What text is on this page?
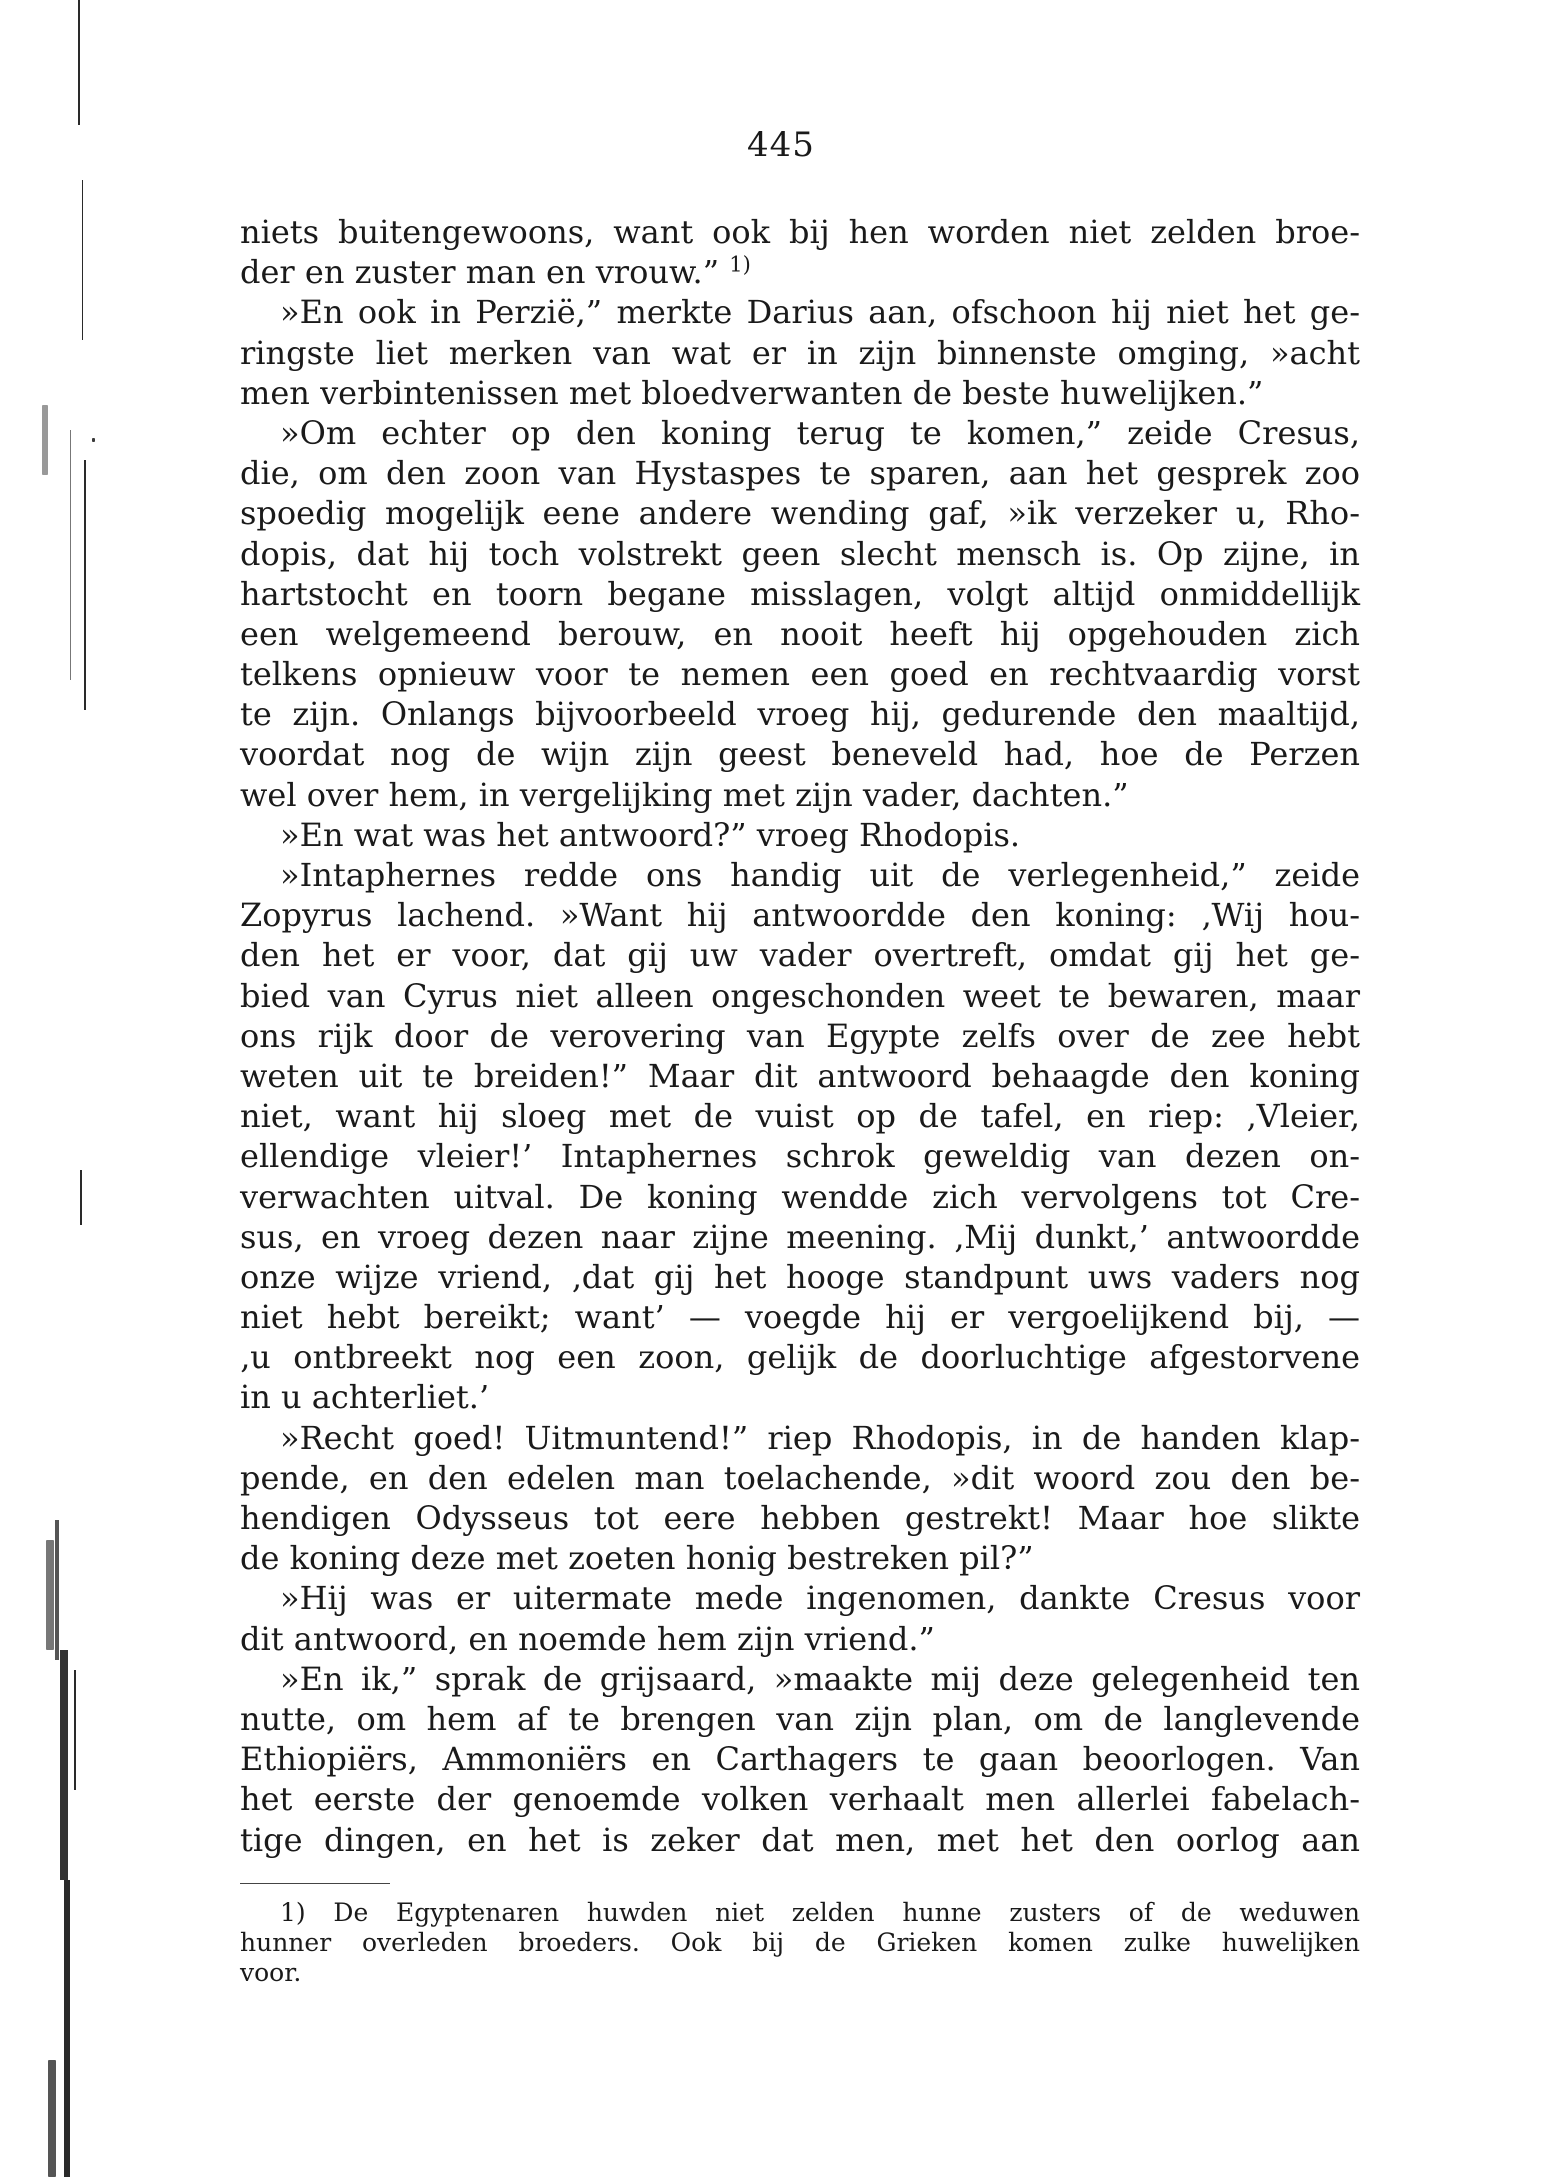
445
niets buitengewoons, want ook bij hen worden niet zelden broe-
der en zuster man en vrouw.” $^{1)}$
»En ook in Perzië,” merkte Darius aan, ofschoon hij niet het ge-
ringste liet merken van wat er in zijn binnenste omging, »acht
men verbintenissen met bloedverwanten de beste huwelijken.”
»Om echter op den koning terug te komen,” zeide Cresus,
die, om den zoon van Hystaspes te sparen, aan het gesprek zoo
spoedig mogelijk eene andere wending gaf, »ik verzeker u, Rho-
dopis, dat hij toch volstrekt geen slecht mensch is. Op zijne, in
hartstocht en toorn begane misslagen, volgt altijd onmiddellijk
een welgemeend berouw, en nooit heeft hij opgehouden zich
telkens opnieuw voor te nemen een goed en rechtvaardig vorst
te zijn. Onlangs bijvoorbeeld vroeg hij, gedurende den maaltijd,
voordat nog de wijn zijn geest beneveld had, hoe de Perzen
wel over hem, in vergelijking met zijn vader, dachten.”
»En wat was het antwoord?” vroeg Rhodopis.
»Intaphernes redde ons handig uit de verlegenheid,” zeide
Zopyrus lachend. »Want hij antwoordde den koning: ‚Wij hou-
den het er voor, dat gij uw vader overtreft, omdat gij het ge-
bied van Cyrus niet alleen ongeschonden weet te bewaren, maar
ons rijk door de verovering van Egypte zelfs over de zee hebt
weten uit te breiden!” Maar dit antwoord behaagde den koning
niet, want hij sloeg met de vuist op de tafel, en riep: ‚Vleier,
ellendige vleier!’ Intaphernes schrok geweldig van dezen on-
verwachten uitval. De koning wendde zich vervolgens tot Cre-
sus, en vroeg dezen naar zijne meening. ‚Mij dunkt,’ antwoordde
onze wijze vriend, ‚dat gij het hooge standpunt uws vaders nog
niet hebt bereikt; want’ — voegde hij er vergoelijkend bij, —
‚u ontbreekt nog een zoon, gelijk de doorluchtige afgestorvene
in u achterliet.’
»Recht goed! Uitmuntend!” riep Rhodopis, in de handen klap-
pende, en den edelen man toelachende, »dit woord zou den be-
hendigen Odysseus tot eere hebben gestrekt! Maar hoe slikte
de koning deze met zoeten honig bestreken pil?”
»Hij was er uitermate mede ingenomen, dankte Cresus voor
dit antwoord, en noemde hem zijn vriend.”
»En ik,” sprak de grijsaard, »maakte mij deze gelegenheid ten
nutte, om hem af te brengen van zijn plan, om de langlevende
Ethiopiërs, Ammoniërs en Carthagers te gaan beoorlogen. Van
het eerste der genoemde volken verhaalt men allerlei fabelach-
tige dingen, en het is zeker dat men, met het den oorlog aan
1) De Egyptenaren huwden niet zelden hunne zusters of de weduwen
hunner overleden broeders. Ook bij de Grieken komen zulke huwelijken
voor.
